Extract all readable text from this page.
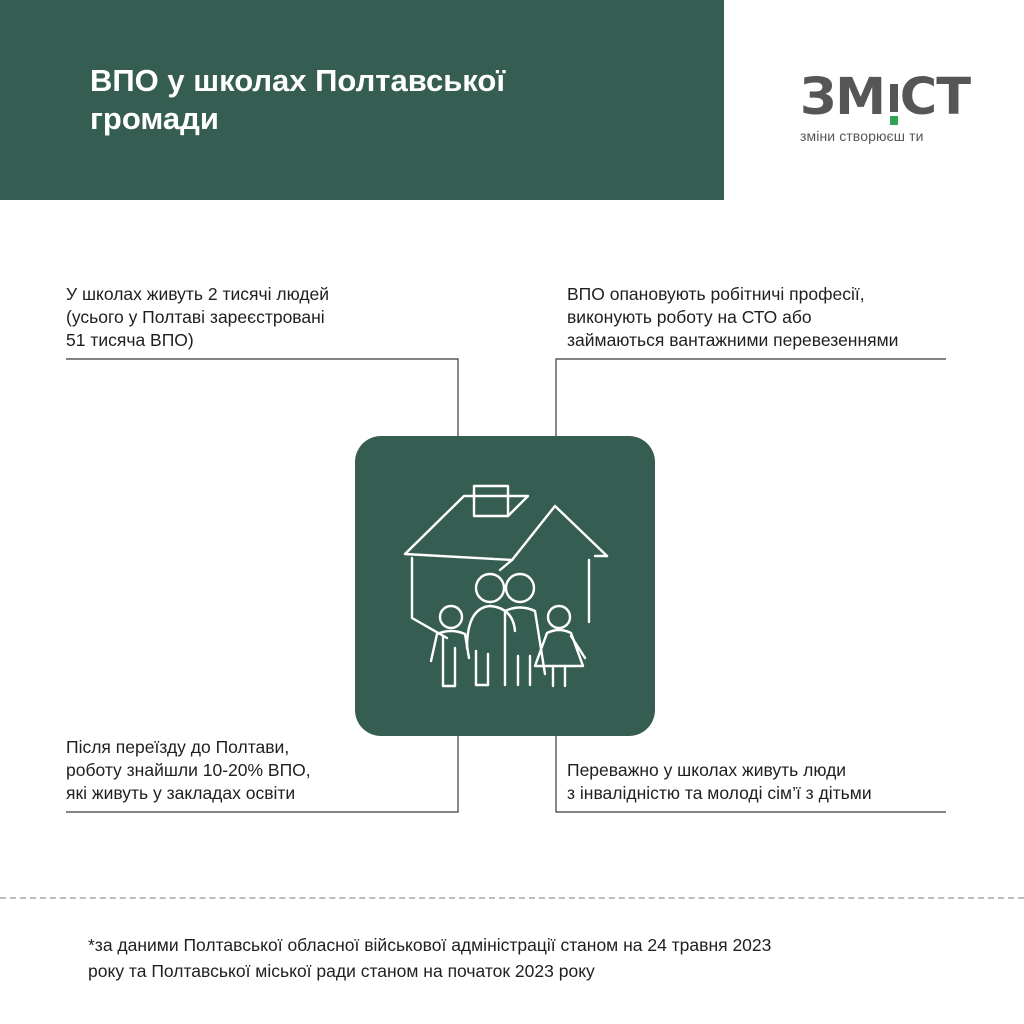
ВПО у школах Полтавської
громади	ЗМ СТ
зміни створюєш ти

У школах живуть 2 тисячі людей
(усього у Полтаві зареєстровані
51 тисяча ВПО)

ВПО опановують робітничі професії,
виконують роботу на СТО або
займаються вантажними перевезеннями

Після переїзду до Полтави,
роботу знайшли 10-20% ВПО,
які живуть у закладах освіти

Переважно у школах живуть люди
з інвалідністю та молоді сім’ї з дітьми

*за даними Полтавської обласної військової адміністрації станом на 24 травня 2023
року та Полтавської міської ради станом на початок 2023 року
